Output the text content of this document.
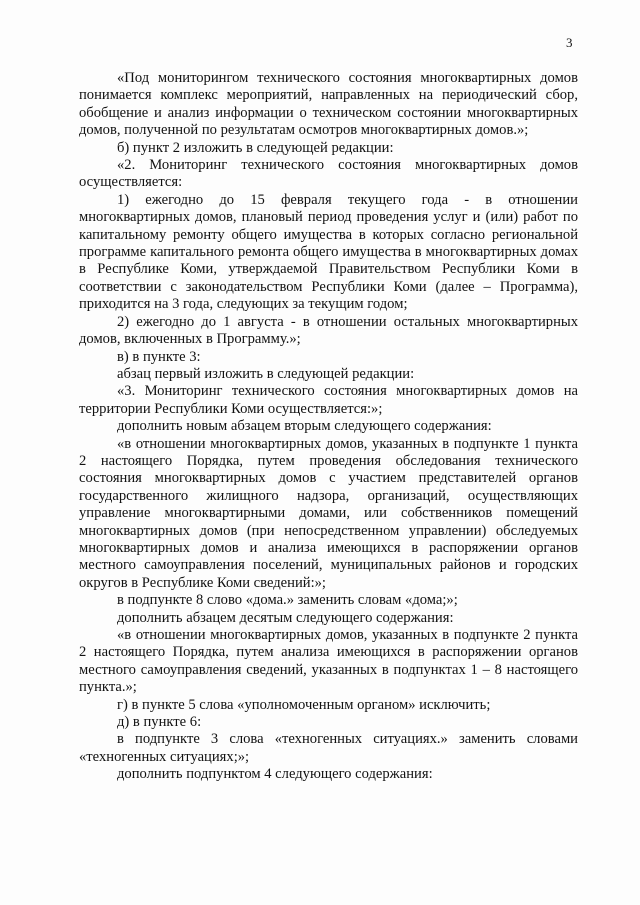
3

«Под мониторингом технического состояния многоквартирных домов понимается комплекс мероприятий, направленных на периодический сбор, обобщение и анализ информации о техническом состоянии многоквартирных домов, полученной по результатам осмотров многоквартирных домов.»;

б) пункт 2 изложить в следующей редакции:

«2. Мониторинг технического состояния многоквартирных домов осуществляется:

1) ежегодно до 15 февраля текущего года - в отношении многоквартирных домов, плановый период проведения услуг и (или) работ по капитальному ремонту общего имущества в которых согласно региональной программе капитального ремонта общего имущества в многоквартирных домах в Республике Коми, утверждаемой Правительством Республики Коми в соответствии с законодательством Республики Коми (далее – Программа), приходится на 3 года, следующих за текущим годом;

2) ежегодно до 1 августа - в отношении остальных многоквартирных домов, включенных в Программу.»;

в) в пункте 3:

абзац первый изложить в следующей редакции:

«3. Мониторинг технического состояния многоквартирных домов на территории Республики Коми осуществляется:»;

дополнить новым абзацем вторым следующего содержания:

«в отношении многоквартирных домов, указанных в подпункте 1 пункта 2 настоящего Порядка, путем проведения обследования технического состояния многоквартирных домов с участием представителей органов государственного жилищного надзора, организаций, осуществляющих управление многоквартирными домами, или собственников помещений многоквартирных домов (при непосредственном управлении) обследуемых многоквартирных домов и анализа имеющихся в распоряжении органов местного самоуправления поселений, муниципальных районов и городских округов в Республике Коми сведений:»;

в подпункте 8 слово «дома.» заменить словам «дома;»;

дополнить абзацем десятым следующего содержания:

«в отношении многоквартирных домов, указанных в подпункте 2 пункта 2 настоящего Порядка, путем анализа имеющихся в распоряжении органов местного самоуправления сведений, указанных в подпунктах 1 – 8 настоящего пункта.»;

г) в пункте 5 слова «уполномоченным органом» исключить;

д) в пункте 6:

в подпункте 3 слова «техногенных ситуациях.» заменить словами «техногенных ситуациях;»;

дополнить подпунктом 4 следующего содержания:
